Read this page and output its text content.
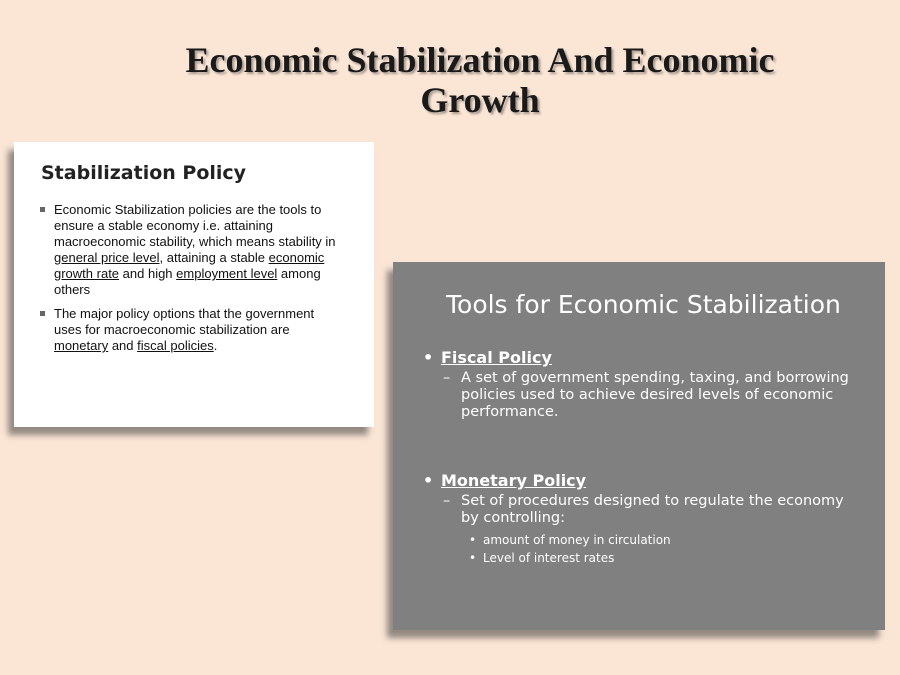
Economic Stabilization And Economic
Growth
Stabilization Policy
Economic Stabilization policies are the tools to ensure a stable economy i.e. attaining macroeconomic stability, which means stability in general price level, attaining a stable economic growth rate and high employment level among others
The major policy options that the government uses for macroeconomic stabilization are monetary and fiscal policies.
Tools for Economic Stabilization
• Fiscal Policy
– A set of government spending, taxing, and borrowing policies used to achieve desired levels of economic performance.
• Monetary Policy
– Set of procedures designed to regulate the economy by controlling:
• amount of money in circulation
• Level of interest rates
